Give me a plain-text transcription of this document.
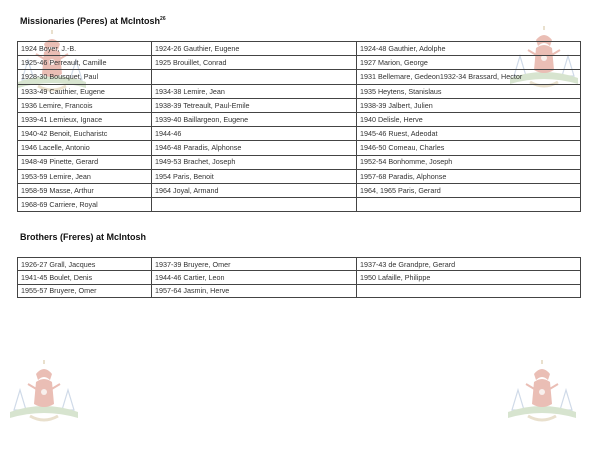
Missionaries (Peres) at McIntosh$^{26}$
1924 Boyer, J.-B.	1924-26 Gauthier, Eugene	1924-48 Gauthier, Adolphe
1925-46 Perreault, Camille	1925 Brouillet, Conrad	1927 Marion, George
1928-30 Bousquet, Paul		1931 Bellemare, Gedeon1932-34 Brassard, Hector
1933-49 Cauthier, Eugene	1934-38 Lemire, Jean	1935 Heytens, Stanislaus
1936 Lemire, Francois	1938-39 Tetreault, Paul-Emile	1938-39 Jalbert, Julien
1939-41 Lemieux, Ignace	1939-40 Baillargeon, Eugene	1940 Delisle, Herve
1940-42 Benoit, Eucharistc	1944-46	1945-46 Ruest, Adeodat
1946 Lacelle, Antonio	1946-48 Paradis, Alphonse	1946-50 Comeau, Charles
1948-49 Pinette, Gerard	1949-53 Brachet, Joseph	1952-54 Bonhomme, Joseph
1953-59 Lemire, Jean	1954 Paris, Benoit	1957-68 Paradis, Alphonse
1958-59 Masse, Arthur	1964 Joyal, Armand	1964, 1965 Paris, Gerard
1968-69 Carriere, Royal		
Brothers (Freres) at McIntosh
1926-27 Grall, Jacques	1937-39 Bruyere, Omer	1937-43 de Grandpre, Gerard
1941-45 Boulet, Denis	1944-46 Cartier, Leon	1950 Lafaille, Philippe
1955-57 Bruyere, Omer	1957-64 Jasmin, Herve	
